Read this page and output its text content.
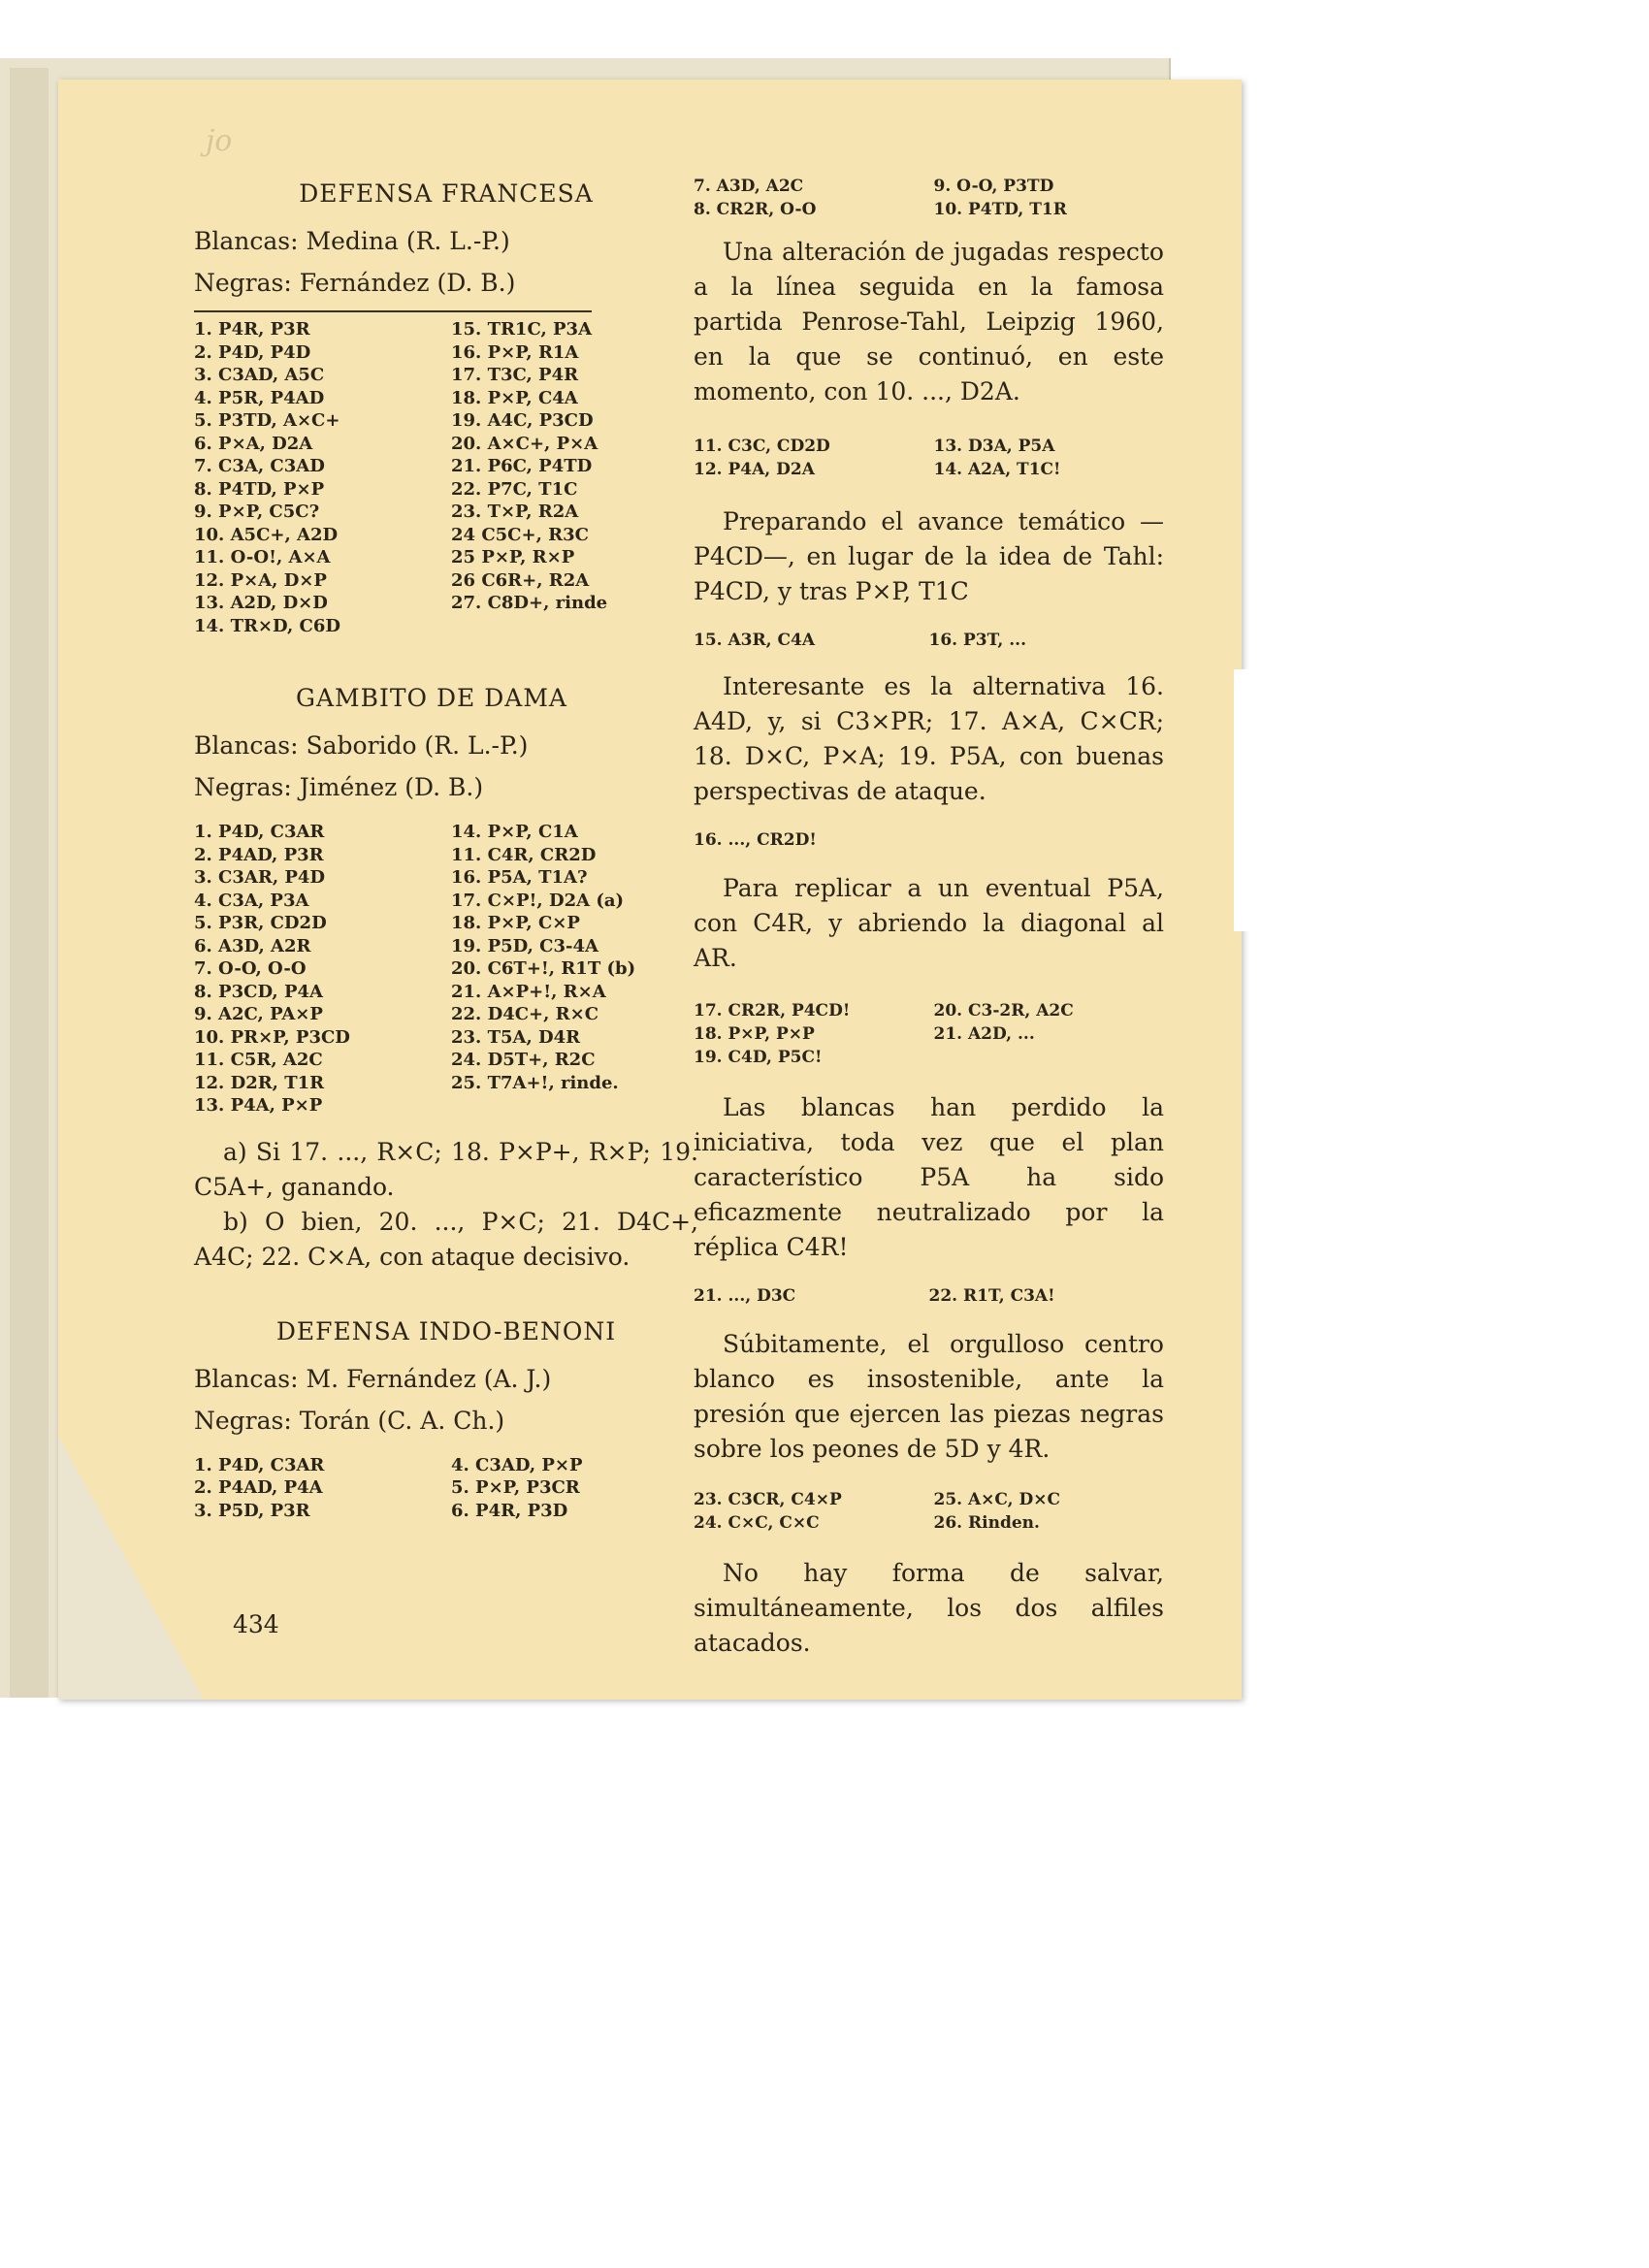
jo
DEFENSA FRANCESA

Blancas: Medina (R. L.-P.)

Negras: Fernández (D. B.)

1. P4R, P3R
2. P4D, P4D
3. C3AD, A5C
4. P5R, P4AD
5. P3TD, A×C+
6. P×A, D2A
7. C3A, C3AD
8. P4TD, P×P
9. P×P, C5C?
10. A5C+, A2D
11. O-O!, A×A
12. P×A, D×P
13. A2D, D×D
14. TR×D, C6D
15. TR1C, P3A
16. P×P, R1A
17. T3C, P4R
18. P×P, C4A
19. A4C, P3CD
20. A×C+, P×A
21. P6C, P4TD
22. P7C, T1C
23. T×P, R2A
24 C5C+, R3C
25 P×P, R×P
26 C6R+, R2A
27. C8D+, rinde
GAMBITO DE DAMA

Blancas: Saborido (R. L.-P.)

Negras: Jiménez (D. B.)

1. P4D, C3AR
2. P4AD, P3R
3. C3AR, P4D
4. C3A, P3A
5. P3R, CD2D
6. A3D, A2R
7. O-O, O-O
8. P3CD, P4A
9. A2C, PA×P
10. PR×P, P3CD
11. C5R, A2C
12. D2R, T1R
13. P4A, P×P
14. P×P, C1A
11. C4R, CR2D
16. P5A, T1A?
17. C×P!, D2A (a)
18. P×P, C×P
19. P5D, C3-4A
20. C6T+!, R1T (b)
21. A×P+!, R×A
22. D4C+, R×C
23. T5A, D4R
24. D5T+, R2C
25. T7A+!, rinde.

a) Si 17. ..., R×C; 18. P×P+, R×P; 19. C5A+, ganando.

b) O bien, 20. ..., P×C; 21. D4C+, A4C; 22. C×A, con ataque decisivo.

DEFENSA INDO-BENONI

Blancas: M. Fernández (A. J.)

Negras: Torán (C. A. Ch.)

1. P4D, C3AR
2. P4AD, P4A
3. P5D, P3R
4. C3AD, P×P
5. P×P, P3CR
6. P4R, P3D
7. A3D, A2C
8. CR2R, O-O
9. O-O, P3TD
10. P4TD, T1R

Una alteración de jugadas respecto a la línea seguida en la famosa partida Penrose-Tahl, Leipzig 1960, en la que se continuó, en este momento, con 10. ..., D2A.

11. C3C, CD2D
12. P4A, D2A
13. D3A, P5A
14. A2A, T1C!

Preparando el avance temático —P4CD—, en lugar de la idea de Tahl: P4CD, y tras P×P, T1C

15. A3R, C4A	16. P3T, ...

Interesante es la alternativa 16. A4D, y, si C3×PR; 17. A×A, C×CR; 18. D×C, P×A; 19. P5A, con buenas perspectivas de ataque.

16. ..., CR2D!

Para replicar a un eventual P5A, con C4R, y abriendo la diagonal al AR.

17. CR2R, P4CD!
18. P×P, P×P
19. C4D, P5C!
20. C3-2R, A2C
21. A2D, ...

Las blancas han perdido la iniciativa, toda vez que el plan característico P5A ha sido eficazmente neutralizado por la réplica C4R!

21. ..., D3C	22. R1T, C3A!

Súbitamente, el orgulloso centro blanco es insostenible, ante la presión que ejercen las piezas negras sobre los peones de 5D y 4R.

23. C3CR, C4×P
24. C×C, C×C
25. A×C, D×C
26. Rinden.

No hay forma de salvar, simultáneamente, los dos alfiles atacados.

434
